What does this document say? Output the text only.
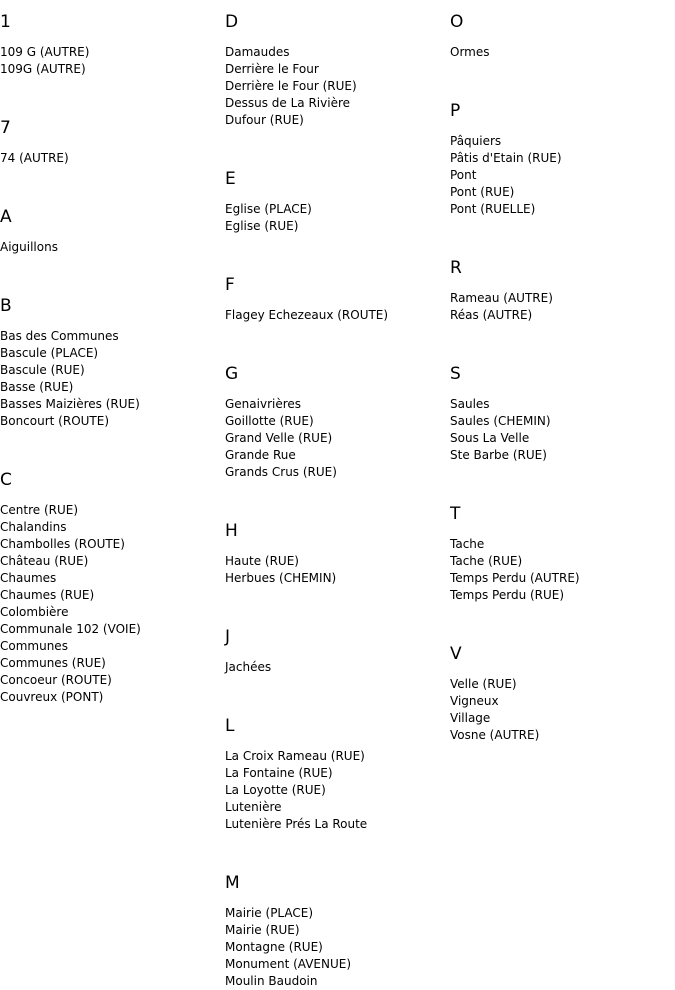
1
109 G (AUTRE)
109G (AUTRE)
7
74 (AUTRE)
A
Aiguillons
B
Bas des Communes
Bascule (PLACE)
Bascule (RUE)
Basse (RUE)
Basses Maizières (RUE)
Boncourt (ROUTE)
C
Centre (RUE)
Chalandins
Chambolles (ROUTE)
Château (RUE)
Chaumes
Chaumes (RUE)
Colombière
Communale 102 (VOIE)
Communes
Communes (RUE)
Concoeur (ROUTE)
Couvreux (PONT)
D
Damaudes
Derrière le Four
Derrière le Four (RUE)
Dessus de La Rivière
Dufour (RUE)
E
Eglise (PLACE)
Eglise (RUE)
F
Flagey Echezeaux (ROUTE)
G
Genaivrières
Goillotte (RUE)
Grand Velle (RUE)
Grande Rue
Grands Crus (RUE)
H
Haute (RUE)
Herbues (CHEMIN)
J
Jachées
L
La Croix Rameau (RUE)
La Fontaine (RUE)
La Loyotte (RUE)
Lutenière
Lutenière Prés La Route
M
Mairie (PLACE)
Mairie (RUE)
Montagne (RUE)
Monument (AVENUE)
Moulin Baudoin
O
Ormes
P
Pâquiers
Pâtis d'Etain (RUE)
Pont
Pont (RUE)
Pont (RUELLE)
R
Rameau (AUTRE)
Réas (AUTRE)
S
Saules
Saules (CHEMIN)
Sous La Velle
Ste Barbe (RUE)
T
Tache
Tache (RUE)
Temps Perdu (AUTRE)
Temps Perdu (RUE)
V
Velle (RUE)
Vigneux
Village
Vosne (AUTRE)
